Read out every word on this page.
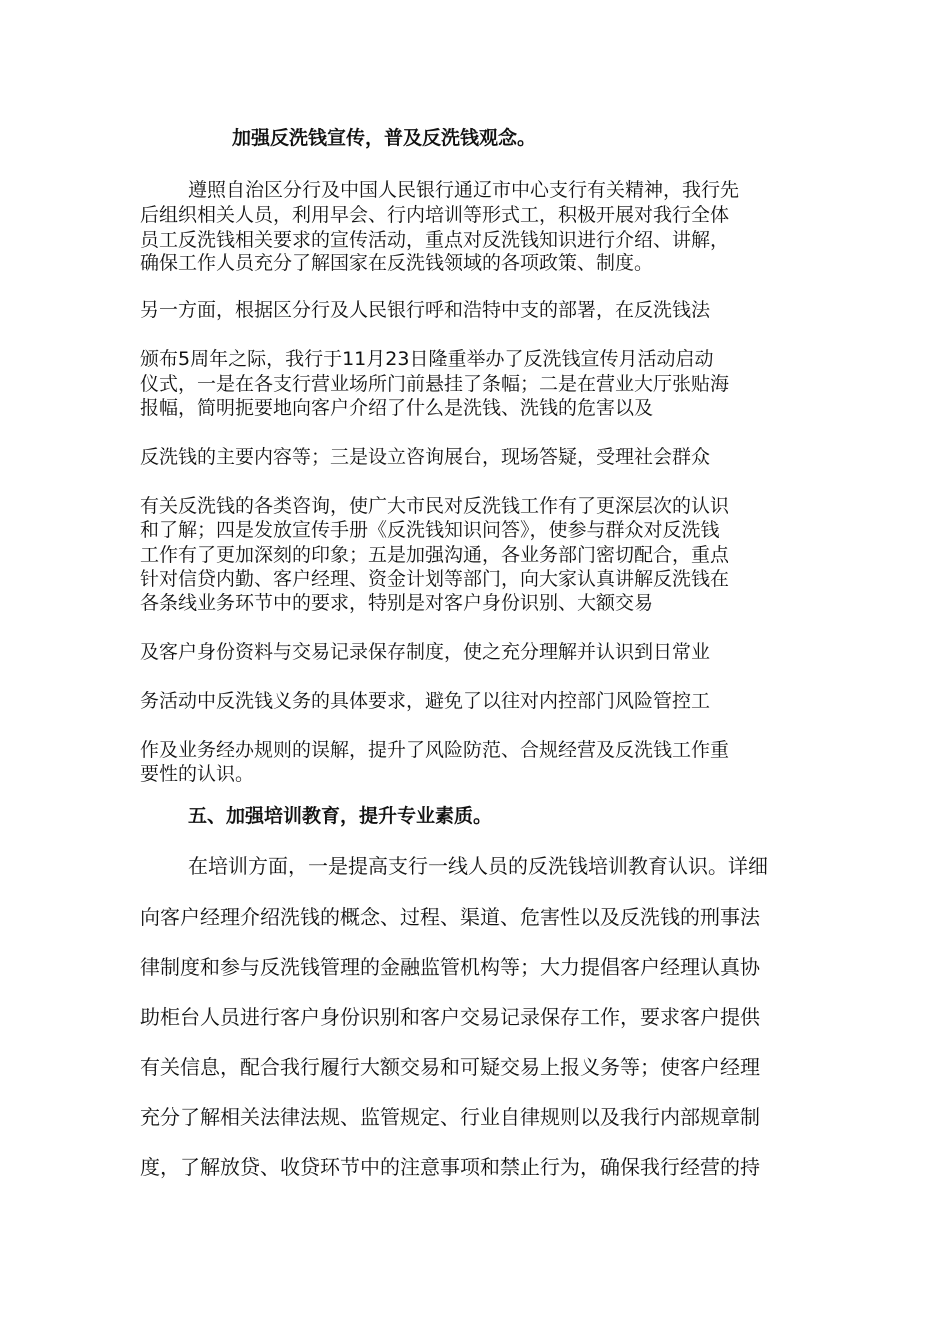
加强反洗钱宣传，普及反洗钱观念。

遵照自治区分行及中国人民银行通辽市中心支行有关精神，我行先

后组织相关人员，利用早会、行内培训等形式工，积极开展对我行全体

员工反洗钱相关要求的宣传活动，重点对反洗钱知识进行介绍、讲解，

确保工作人员充分了解国家在反洗钱领域的各项政策、制度。

另一方面，根据区分行及人民银行呼和浩特中支的部署，在反洗钱法

颁布5周年之际，我行于11月23日隆重举办了反洗钱宣传月活动启动

仪式，一是在各支行营业场所门前悬挂了条幅；二是在营业大厅张贴海

报幅，简明扼要地向客户介绍了什么是洗钱、洗钱的危害以及

反洗钱的主要内容等；三是设立咨询展台，现场答疑，受理社会群众

有关反洗钱的各类咨询，使广大市民对反洗钱工作有了更深层次的认识

和了解；四是发放宣传手册《反洗钱知识问答》，使参与群众对反洗钱

工作有了更加深刻的印象；五是加强沟通，各业务部门密切配合，重点

针对信贷内勤、客户经理、资金计划等部门，向大家认真讲解反洗钱在

各条线业务环节中的要求，特别是对客户身份识别、大额交易

及客户身份资料与交易记录保存制度，使之充分理解并认识到日常业

务活动中反洗钱义务的具体要求，避免了以往对内控部门风险管控工

作及业务经办规则的误解，提升了风险防范、合规经营及反洗钱工作重

要性的认识。

五、加强培训教育，提升专业素质。

在培训方面，一是提高支行一线人员的反洗钱培训教育认识。详细

向客户经理介绍洗钱的概念、过程、渠道、危害性以及反洗钱的刑事法

律制度和参与反洗钱管理的金融监管机构等；大力提倡客户经理认真协

助柜台人员进行客户身份识别和客户交易记录保存工作，要求客户提供

有关信息，配合我行履行大额交易和可疑交易上报义务等；使客户经理

充分了解相关法律法规、监管规定、行业自律规则以及我行内部规章制

度，了解放贷、收贷环节中的注意事项和禁止行为，确保我行经营的持
